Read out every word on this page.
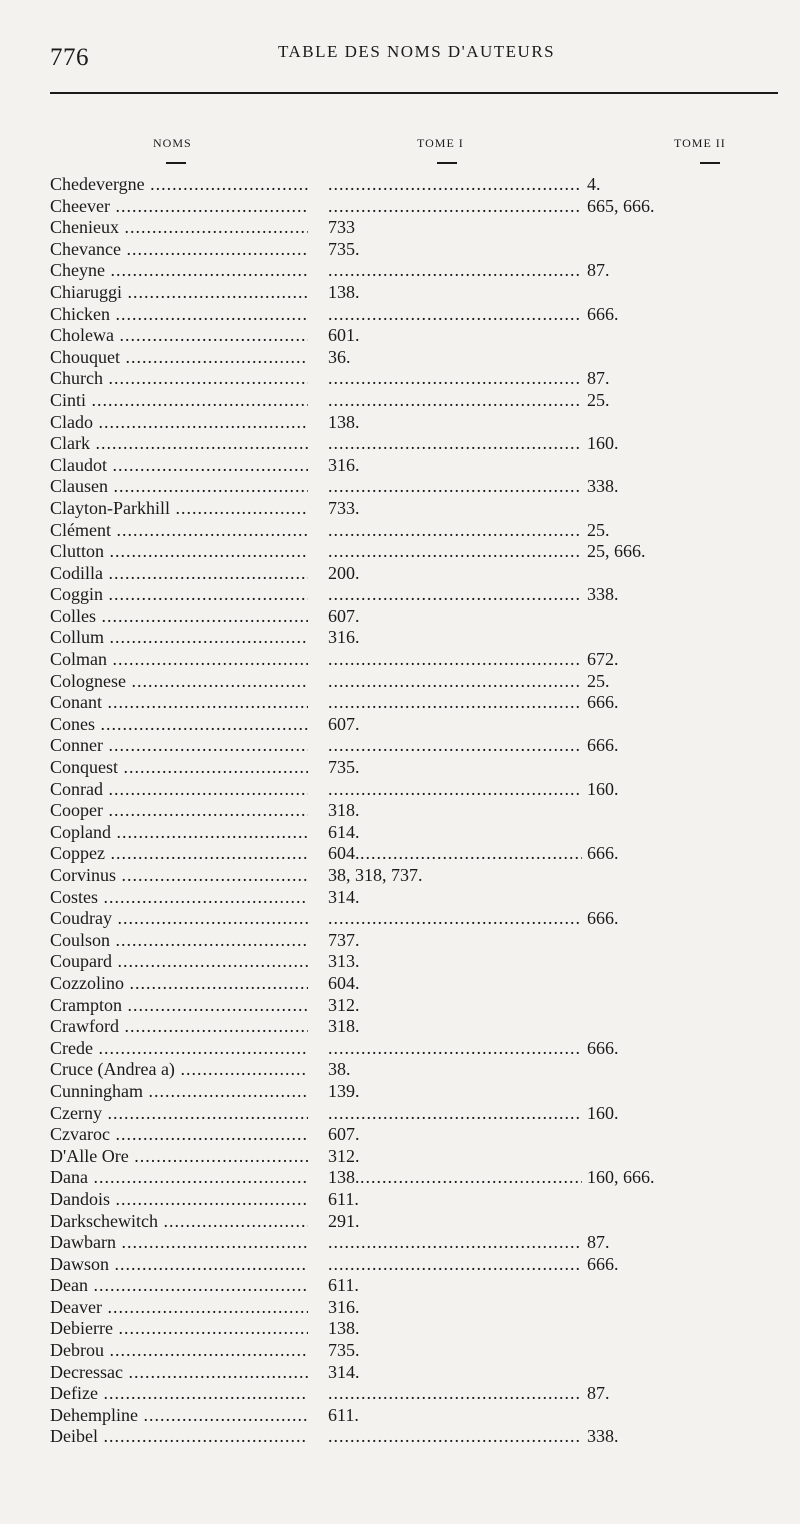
776	TABLE DES NOMS D'AUTEURS
NOMS	TOME I	TOME II
Chedevergne ..... .....	4.
Cheever ..... .....	665, 666.
Chenieux .....	733
Chevance .....	735.
Cheyne ..... .....	87.
Chiaruggi .....	138.
Chicken ..... .....	666.
Cholewa .....	601.
Chouquet .....	36.
Church ..... .....	87.
Cinti ..... .....	25.
Clado .....	138.
Clark ..... .....	160.
Claudot .....	316.
Clausen ..... .....	338.
Clayton-Parkhill .....	733.
Clément ..... .....	25.
Clutton ..... .....	25, 666.
Codilla .....	200.
Coggin ..... .....	338.
Colles .....	607.
Collum .....	316.
Colman ..... .....	672.
Colognese ..... .....	25.
Conant ..... .....	666.
Cones .....	607.
Conner ..... .....	666.
Conquest .....	735.
Conrad ..... .....	160.
Cooper .....	318.
Copland .....	614.
Coppez .....	604. .....	666.
Corvinus .....	38, 318, 737.
Costes .....	314.
Coudray ..... .....	666.
Coulson .....	737.
Coupard .....	313.
Cozzolino .....	604.
Crampton .....	312.
Crawford .....	318.
Crede ..... .....	666.
Cruce (Andrea a) .....	38.
Cunningham .....	139.
Czerny ..... .....	160.
Czvaroc .....	607.
D'Alle Ore .....	312.
Dana .....	138. .....	160, 666.
Dandois .....	611.
Darkschewitch .....	291.
Dawbarn ..... .....	87.
Dawson ..... .....	666.
Dean .....	611.
Deaver .....	316.
Debierre .....	138.
Debrou .....	735.
Decressac .....	314.
Defize ..... .....	87.
Dehempline .....	611.
Deibel ..... .....	338.
